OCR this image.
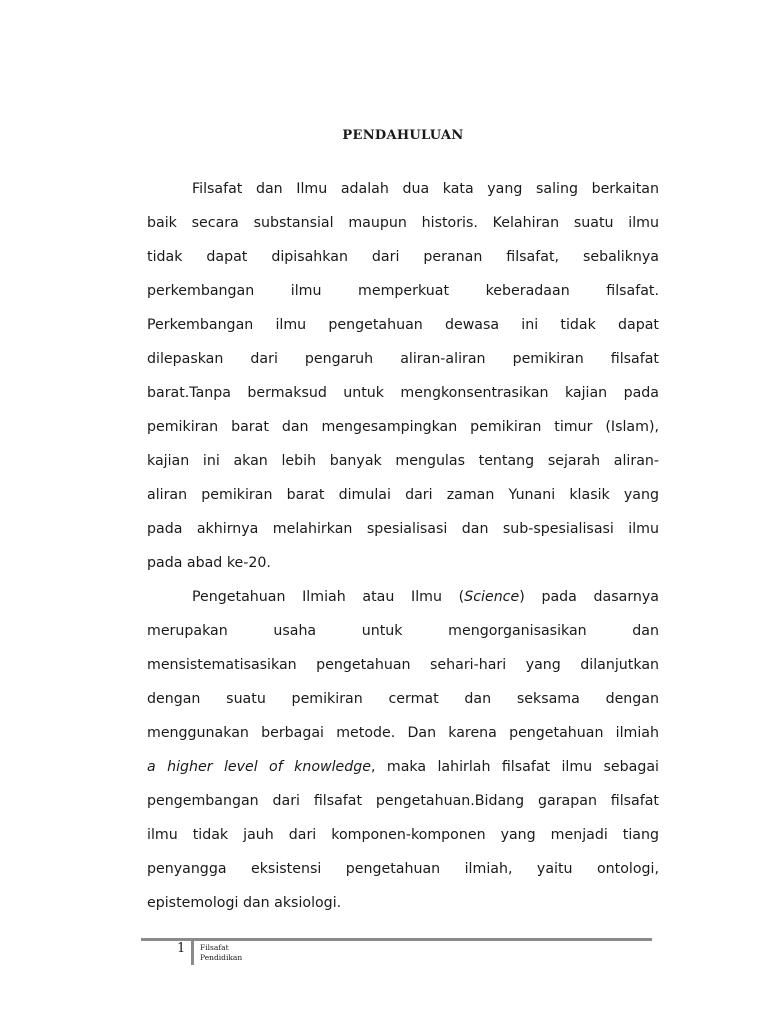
PENDAHULUAN
Filsafat dan Ilmu adalah dua kata yang saling berkaitan
baik secara substansial maupun historis. Kelahiran suatu ilmu
tidak dapat dipisahkan dari peranan filsafat, sebaliknya
perkembangan ilmu memperkuat keberadaan filsafat.
Perkembangan ilmu pengetahuan dewasa ini tidak dapat
dilepaskan dari pengaruh aliran-aliran pemikiran filsafat
barat.Tanpa bermaksud untuk mengkonsentrasikan kajian pada
pemikiran barat dan mengesampingkan pemikiran timur (Islam),
kajian ini akan lebih banyak mengulas tentang sejarah aliran-
aliran pemikiran barat dimulai dari zaman Yunani klasik yang
pada akhirnya melahirkan spesialisasi dan sub-spesialisasi ilmu
pada abad ke-20.
Pengetahuan Ilmiah atau Ilmu (Science) pada dasarnya
merupakan usaha untuk mengorganisasikan dan
mensistematisasikan pengetahuan sehari-hari yang dilanjutkan
dengan suatu pemikiran cermat dan seksama dengan
menggunakan berbagai metode. Dan karena pengetahuan ilmiah
a higher level of knowledge, maka lahirlah filsafat ilmu sebagai
pengembangan dari filsafat pengetahuan.Bidang garapan filsafat
ilmu tidak jauh dari komponen-komponen yang menjadi tiang
penyangga eksistensi pengetahuan ilmiah, yaitu ontologi,
epistemologi dan aksiologi.
1 Filsafat
Pendidikan
